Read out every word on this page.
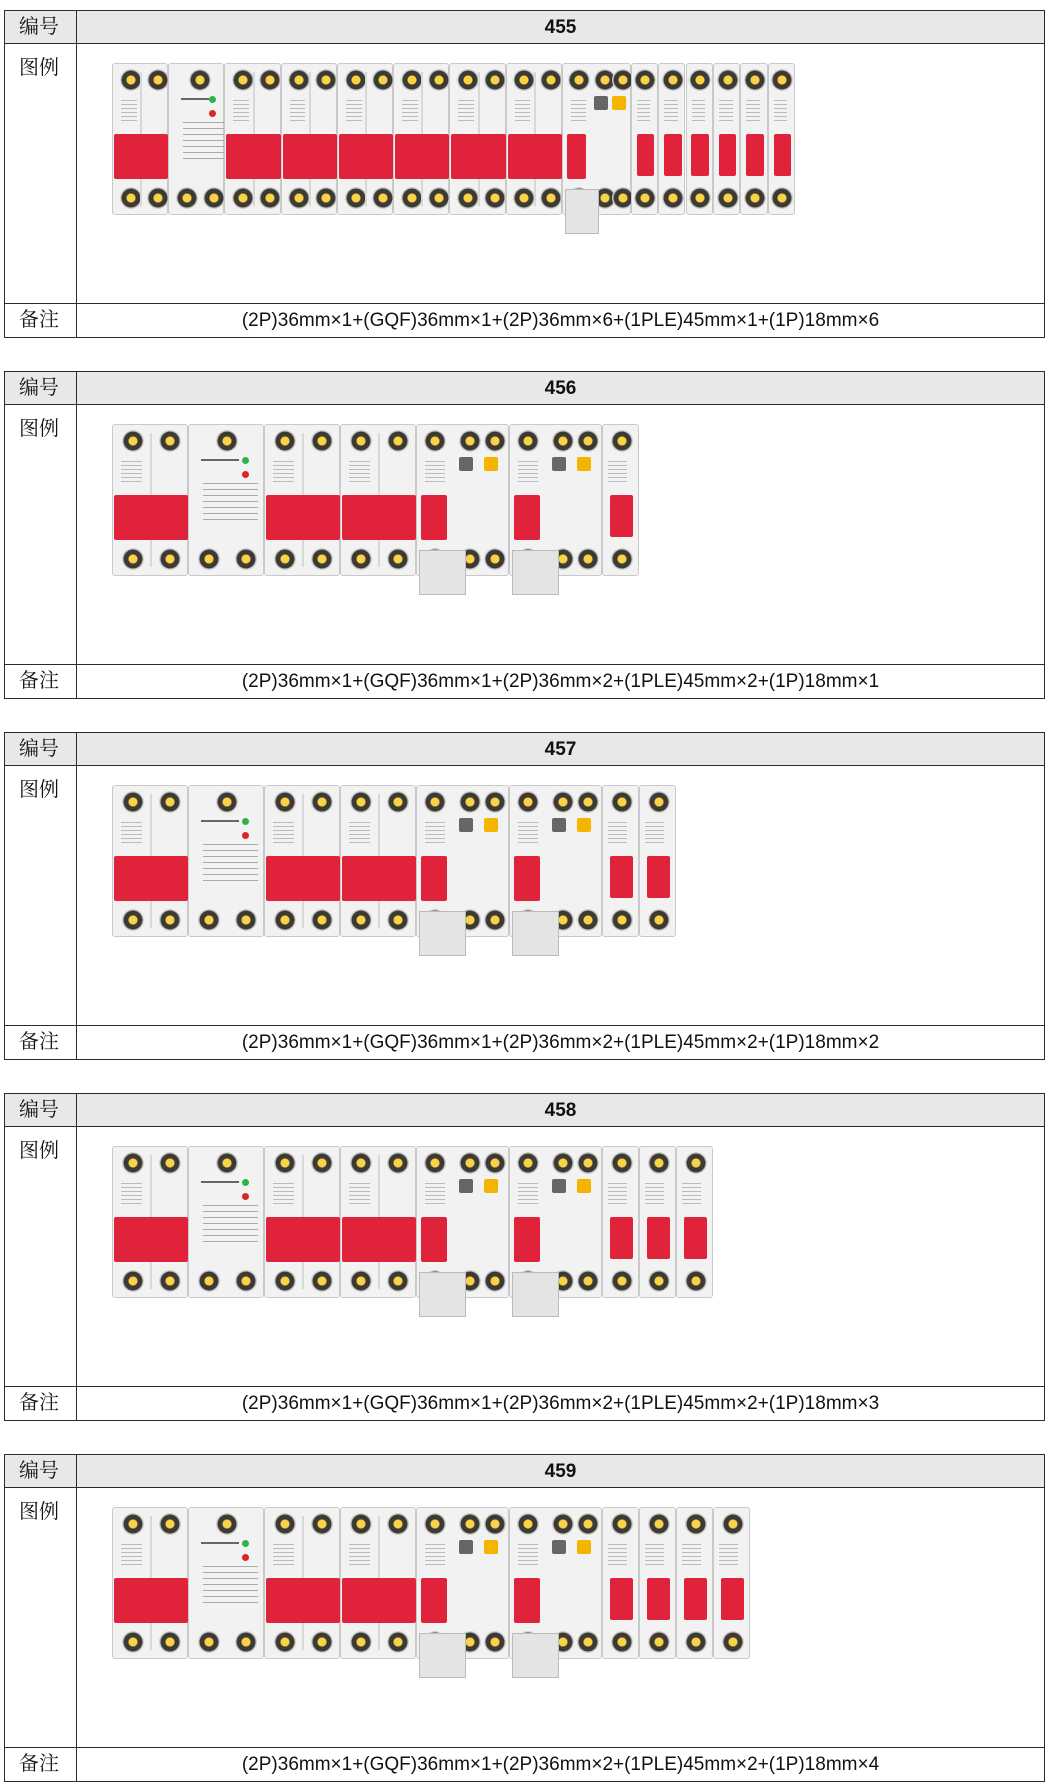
编号	455
图例
备注	(2P)36mm×1+(GQF)36mm×1+(2P)36mm×6+(1PLE)45mm×1+(1P)18mm×6
编号	456
图例
备注	(2P)36mm×1+(GQF)36mm×1+(2P)36mm×2+(1PLE)45mm×2+(1P)18mm×1
编号	457
图例
备注	(2P)36mm×1+(GQF)36mm×1+(2P)36mm×2+(1PLE)45mm×2+(1P)18mm×2
编号	458
图例
备注	(2P)36mm×1+(GQF)36mm×1+(2P)36mm×2+(1PLE)45mm×2+(1P)18mm×3
编号	459
图例
备注	(2P)36mm×1+(GQF)36mm×1+(2P)36mm×2+(1PLE)45mm×2+(1P)18mm×4
